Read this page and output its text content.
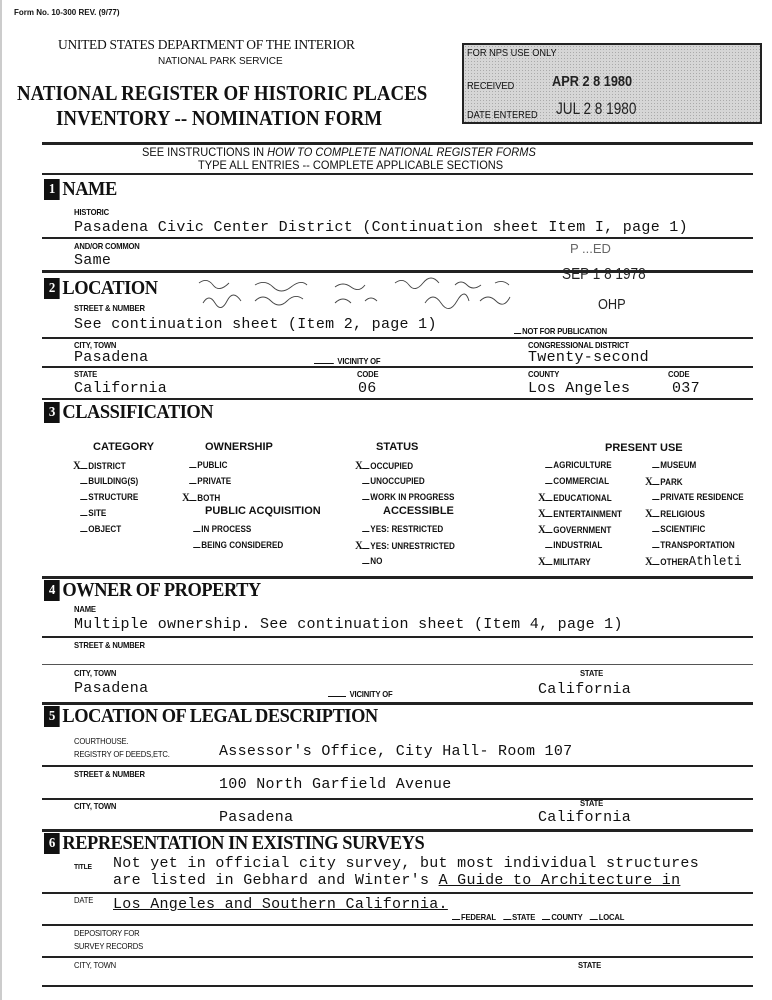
Form No. 10-300 REV. (9/77)
UNITED STATES DEPARTMENT OF THE INTERIOR
NATIONAL PARK SERVICE
NATIONAL REGISTER OF HISTORIC PLACES
INVENTORY -- NOMINATION FORM
FOR NPS USE ONLY
RECEIVED	APR 2 8 1980
DATE ENTERED JUL 2 8 1980
SEE INSTRUCTIONS IN HOW TO COMPLETE NATIONAL REGISTER FORMS
TYPE ALL ENTRIES -- COMPLETE APPLICABLE SECTIONS
1 NAME
HISTORIC
Pasadena Civic Center District (Continuation sheet Item I, page 1)
AND/OR COMMON
Same
P ...ED
SEP 1 8 1978
2 LOCATION
OHP
STREET & NUMBER
See continuation sheet (Item 2, page 1)	NOT FOR PUBLICATION
CITY, TOWN
Pasadena	VICINITY OF
CONGRESSIONAL DISTRICT
Twenty-second
STATE
California
CODE
06
COUNTY
Los Angeles
CODE
037
3 CLASSIFICATION
CATEGORY	OWNERSHIP	STATUS	PRESENT USE
PUBLIC ACQUISITION	ACCESSIBLE
X DISTRICT
BUILDING(S)
STRUCTURE
SITE
OBJECT
PUBLIC
PRIVATE
X BOTH
IN PROCESS
BEING CONSIDERED
X OCCUPIED
UNOCCUPIED
WORK IN PROGRESS
YES: RESTRICTED
X YES: UNRESTRICTED
NO
AGRICULTURE
COMMERCIAL
X EDUCATIONAL
X ENTERTAINMENT
X GOVERNMENT
INDUSTRIAL
X MILITARY
MUSEUM
X PARK
PRIVATE RESIDENCE
X RELIGIOUS
SCIENTIFIC
TRANSPORTATION
X OTHERAthleti
4 OWNER OF PROPERTY
NAME
Multiple ownership. See continuation sheet (Item 4, page 1)
STREET & NUMBER
CITY, TOWN
Pasadena	VICINITY OF
STATE
California
5 LOCATION OF LEGAL DESCRIPTION
COURTHOUSE.
REGISTRY OF DEEDS,ETC.	Assessor's Office, City Hall- Room 107
STREET & NUMBER
100 North Garfield Avenue
CITY, TOWN
Pasadena
STATE
California
6 REPRESENTATION IN EXISTING SURVEYS
TITLE Not yet in official city survey, but most individual structures
are listed in Gebhard and Winter's A Guide to Architecture in
DATE Los Angeles and Southern California.
FEDERAL	STATE	COUNTY	LOCAL
DEPOSITORY FOR
SURVEY RECORDS
CITY, TOWN	STATE
